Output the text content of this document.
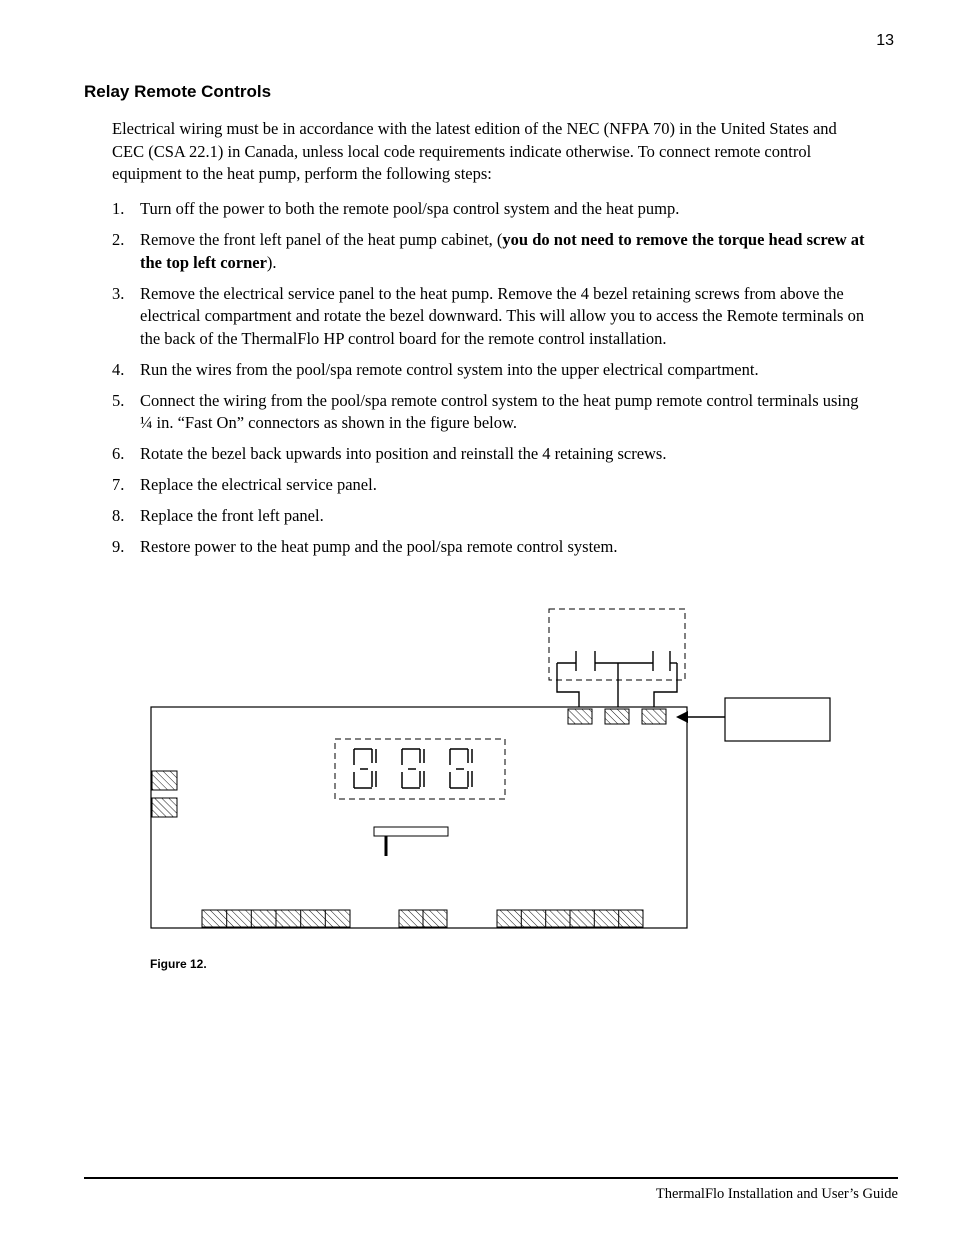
13
Relay Remote Controls

Electrical wiring must be in accordance with the latest edition of the NEC (NFPA 70) in the United States and CEC (CSA 22.1) in Canada, unless local code requirements indicate otherwise. To connect remote control equipment to the heat pump, perform the following steps:

1. Turn off the power to both the remote pool/spa control system and the heat pump.
2. Remove the front left panel of the heat pump cabinet, (you do not need to remove the torque head screw at the top left corner).
3. Remove the electrical service panel to the heat pump. Remove the 4 bezel retaining screws from above the electrical compartment and rotate the bezel downward. This will allow you to access the Remote terminals on the back of the ThermalFlo HP control board for the remote control installation.
4. Run the wires from the pool/spa remote control system into the upper electrical compartment.
5. Connect the wiring from the pool/spa remote control system to the heat pump remote control terminals using ¼ in. “Fast On” connectors as shown in the figure below.
6. Rotate the bezel back upwards into position and reinstall the 4 retaining screws.
7. Replace the electrical service panel.
8. Replace the front left panel.
9. Restore power to the heat pump and the pool/spa remote control system.
Figure 12.
ThermalFlo Installation and User’s Guide
